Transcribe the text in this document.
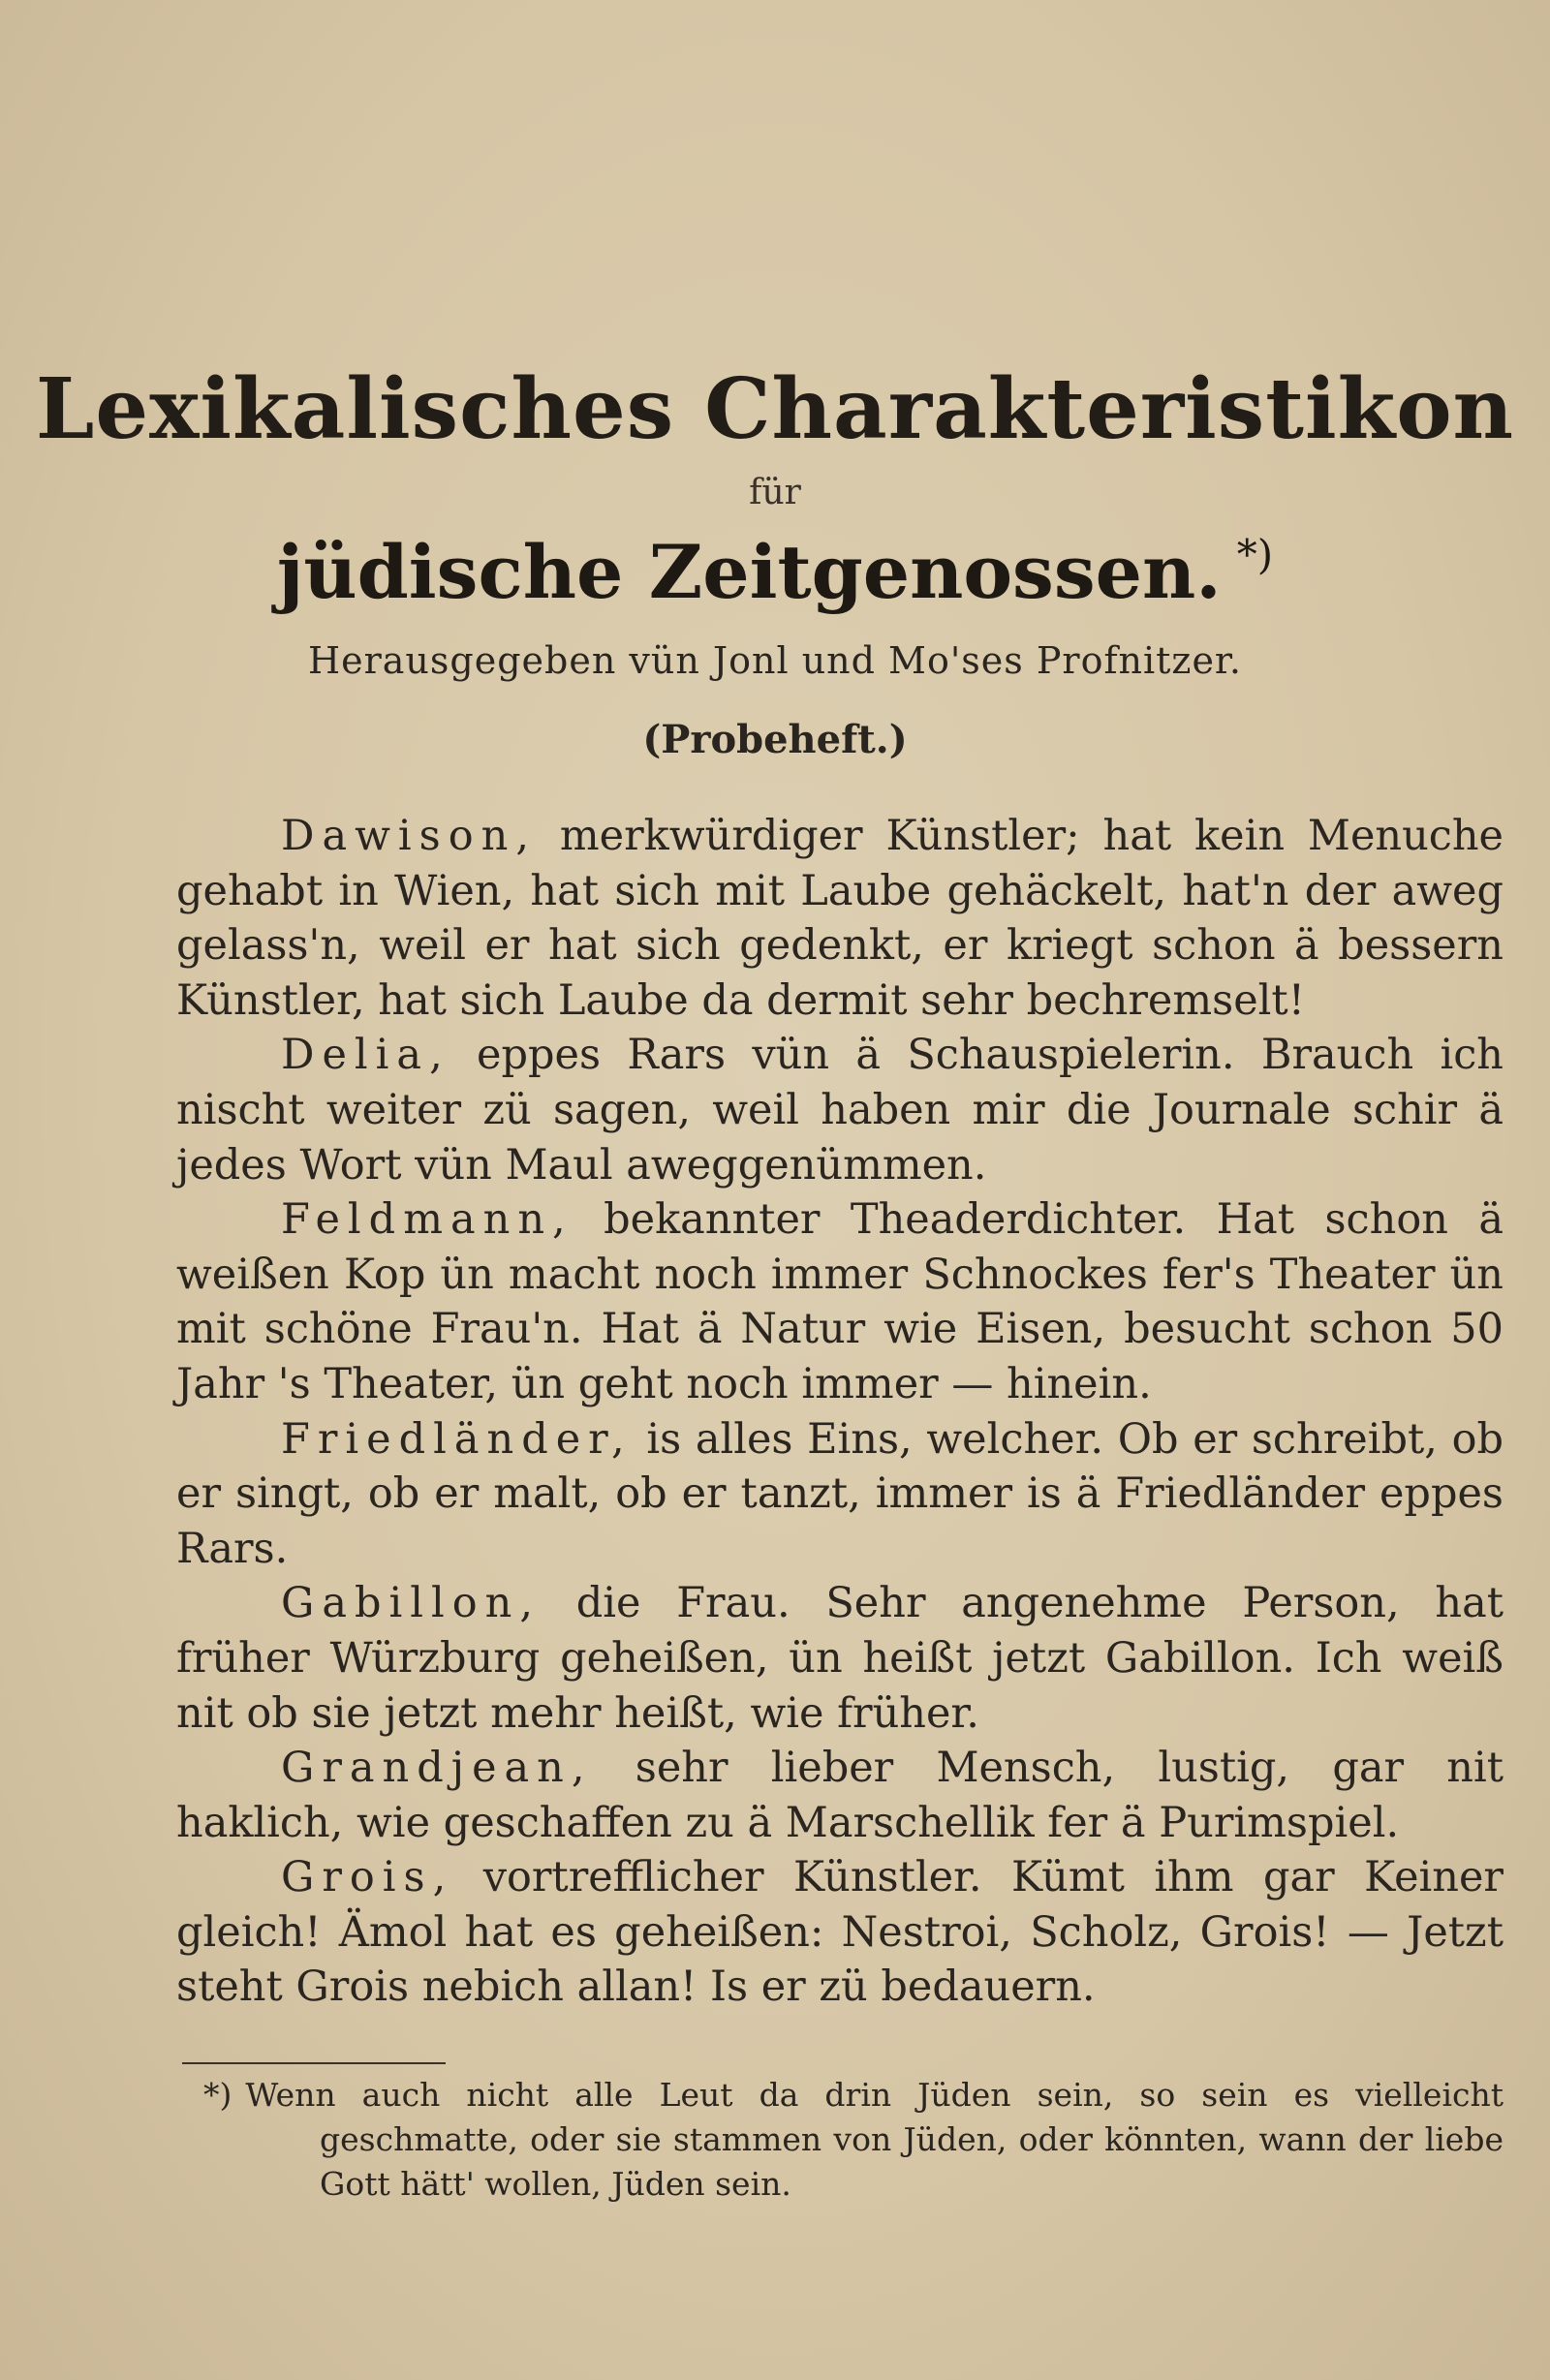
Lexikalisches Charakteristikon
für
jüdische Zeitgenossen. *)
Herausgegeben vün Jonl und Mo'ses Profnitzer.
(Probeheft.)

Dawison, merkwürdiger Künstler; hat kein Menuche gehabt in Wien, hat sich mit Laube gehäckelt, hat'n der aweg gelass'n, weil er hat sich gedenkt, er kriegt schon ä bessern Künstler, hat sich Laube da dermit sehr bechremselt!

Delia, eppes Rars vün ä Schauspielerin. Brauch ich nischt weiter zü sagen, weil haben mir die Journale schir ä jedes Wort vün Maul aweggenümmen.

Feldmann, bekannter Theaderdichter. Hat schon ä weißen Kop ün macht noch immer Schnockes fer's Theater ün mit schöne Frau'n. Hat ä Natur wie Eisen, besucht schon 50 Jahr 's Theater, ün geht noch immer — hinein.

Friedländer, is alles Eins, welcher. Ob er schreibt, ob er singt, ob er malt, ob er tanzt, immer is ä Friedländer eppes Rars.

Gabillon, die Frau. Sehr angenehme Person, hat früher Würzburg geheißen, ün heißt jetzt Gabillon. Ich weiß nit ob sie jetzt mehr heißt, wie früher.

Grandjean, sehr lieber Mensch, lustig, gar nit haklich, wie geschaffen zu ä Marschellik fer ä Purimspiel.

Grois, vortrefflicher Künstler. Kümt ihm gar Keiner gleich! Ämol hat es geheißen: Nestroi, Scholz, Grois! — Jetzt steht Grois nebich allan! Is er zü bedauern.

*) Wenn auch nicht alle Leut da drin Jüden sein, so sein es vielleicht geschmatte, oder sie stammen von Jüden, oder könnten, wann der liebe Gott hätt' wollen, Jüden sein.
